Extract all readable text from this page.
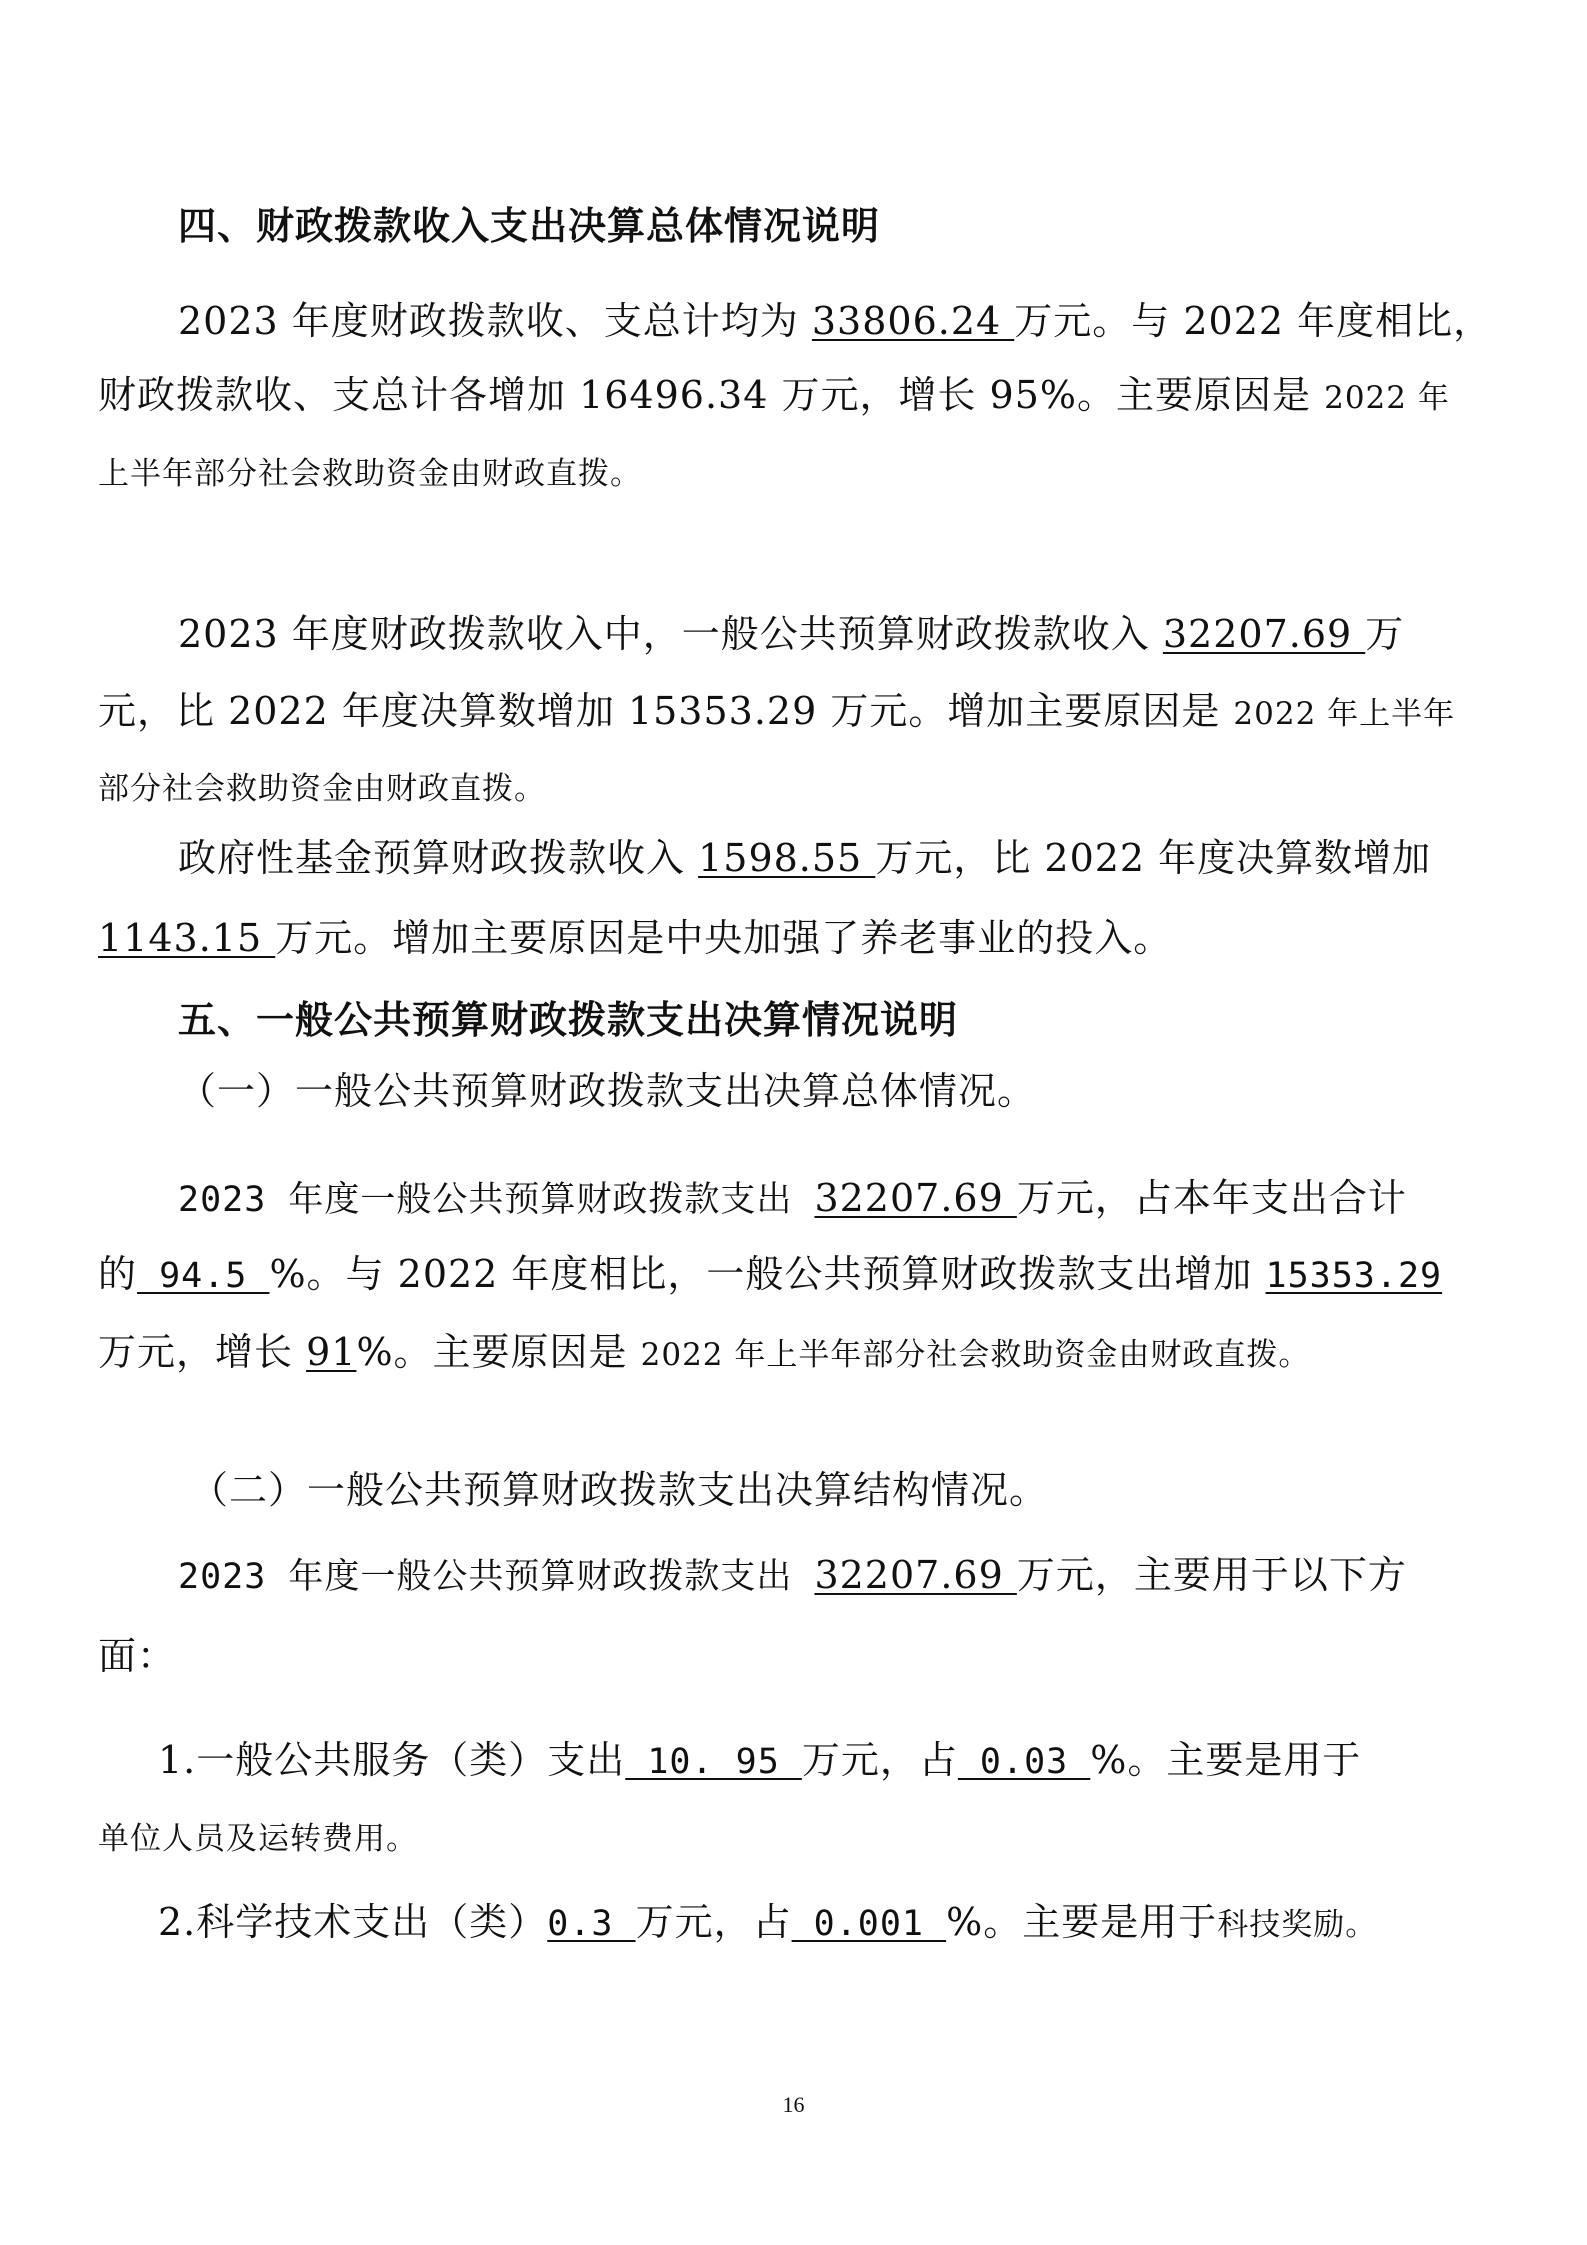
四、财政拨款收入支出决算总体情况说明
2023 年度财政拨款收、支总计均为 33806.24 万元。与 2022 年度相比，
财政拨款收、支总计各增加 16496.34 万元，增长 95%。主要原因是 2022 年
上半年部分社会救助资金由财政直拨。
2023 年度财政拨款收入中，一般公共预算财政拨款收入 32207.69 万
元，比 2022 年度决算数增加 15353.29 万元。增加主要原因是 2022 年上半年
部分社会救助资金由财政直拨。
政府性基金预算财政拨款收入 1598.55 万元，比 2022 年度决算数增加
1143.15 万元。增加主要原因是中央加强了养老事业的投入。
五、一般公共预算财政拨款支出决算情况说明
（一）一般公共预算财政拨款支出决算总体情况。
2023 年度一般公共预算财政拨款支出 32207.69 万元，占本年支出合计
的 94.5 %。与 2022 年度相比，一般公共预算财政拨款支出增加 15353.29
万元，增长 91%。主要原因是 2022 年上半年部分社会救助资金由财政直拨。
（二）一般公共预算财政拨款支出决算结构情况。
2023 年度一般公共预算财政拨款支出 32207.69 万元，主要用于以下方
面：
1.一般公共服务（类）支出 10. 95 万元，占 0.03 %。主要是用于
单位人员及运转费用。
2.科学技术支出（类）0.3 万元，占 0.001 %。主要是用于科技奖励。
16
